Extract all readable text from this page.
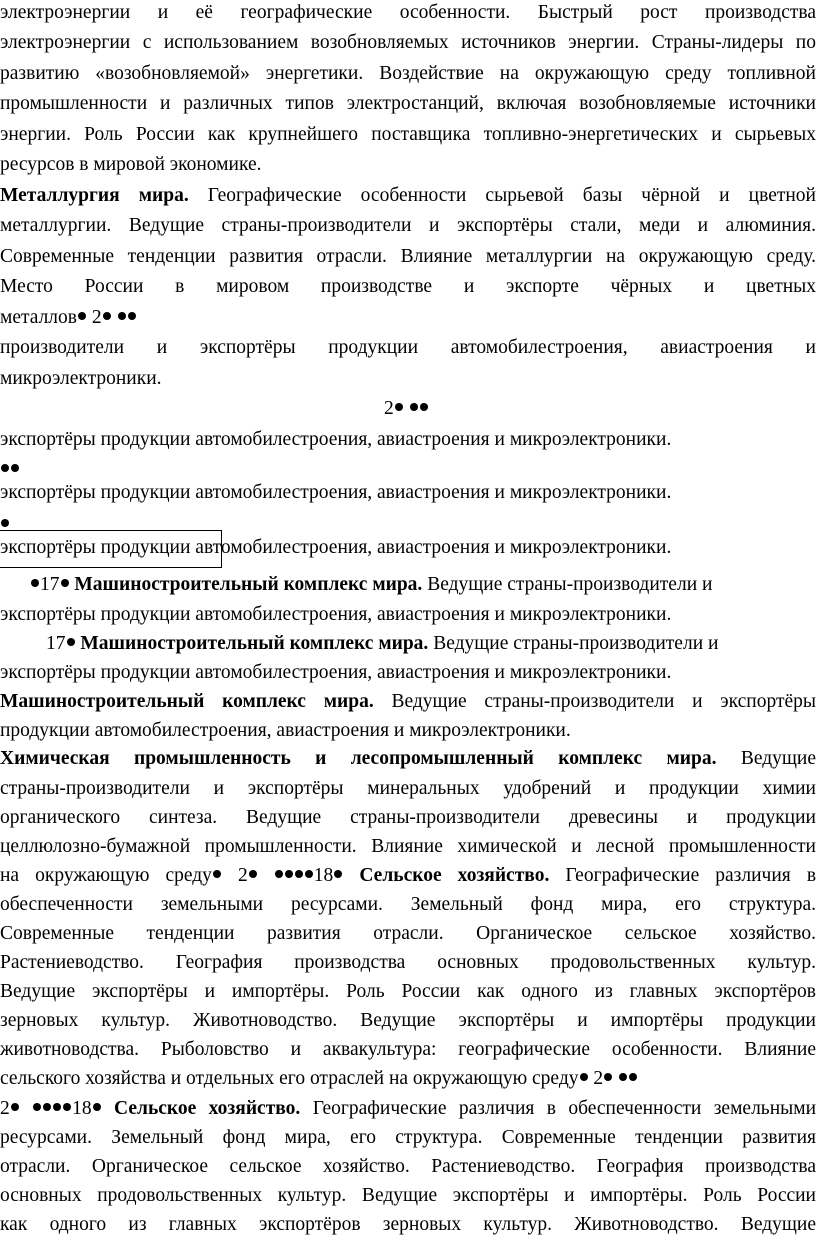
электроэнергии и её географические особенности. Быстрый рост производства
электроэнергии с использованием возобновляемых источников энергии. Страны-лидеры по
развитию «возобновляемой» энергетики. Воздействие на окружающую среду топливной
промышленности и различных типов электростанций, включая возобновляемые источники
энергии. Роль России как крупнейшего поставщика топливно-энергетических и сырьевых
ресурсов в мировой экономике.
Металлургия мира. Географические особенности сырьевой базы чёрной и цветной
металлургии. Ведущие страны-производители и экспортёры стали, меди и алюминия.
Современные тенденции развития отрасли. Влияние металлургии на окружающую среду.
Место России в мировом производстве и экспорте чёрных и цветных
металлов 2
производители и экспортёры продукции автомобилестроения, авиастроения и
микроэлектроники.
2
экспортёры продукции автомобилестроения, авиастроения и микроэлектроники.
экспортёры продукции автомобилестроения, авиастроения и микроэлектроники.
экспортёры продукции автомобилестроения, авиастроения и микроэлектроники.
17 Машиностроительный комплекс мира. Ведущие страны-производители и
экспортёры продукции автомобилестроения, авиастроения и микроэлектроники.
17 Машиностроительный комплекс мира. Ведущие страны-производители и
экспортёры продукции автомобилестроения, авиастроения и микроэлектроники.
Машиностроительный комплекс мира. Ведущие страны-производители и экспортёры
продукции автомобилестроения, авиастроения и микроэлектроники.
Химическая промышленность и лесопромышленный комплекс мира. Ведущие
страны-производители и экспортёры минеральных удобрений и продукции химии
органического синтеза. Ведущие страны-производители древесины и продукции
целлюлозно-бумажной промышленности. Влияние химической и лесной промышленности
на окружающую среду 2	18 Сельское хозяйство. Географические различия в
обеспеченности земельными ресурсами. Земельный фонд мира, его структура.
Современные тенденции развития отрасли. Органическое сельское хозяйство.
Растениеводство. География производства основных продовольственных культур.
Ведущие экспортёры и импортёры. Роль России как одного из главных экспортёров
зерновых культур. Животноводство. Ведущие экспортёры и импортёры продукции
животноводства. Рыболовство и аквакультура: географические особенности. Влияние
сельского хозяйства и отдельных его отраслей на окружающую среду 2
2	18 Сельское хозяйство. Географические различия в обеспеченности земельными
ресурсами. Земельный фонд мира, его структура. Современные тенденции развития
отрасли. Органическое сельское хозяйство. Растениеводство. География производства
основных продовольственных культур. Ведущие экспортёры и импортёры. Роль России
как одного из главных экспортёров зерновых культур. Животноводство. Ведущие
